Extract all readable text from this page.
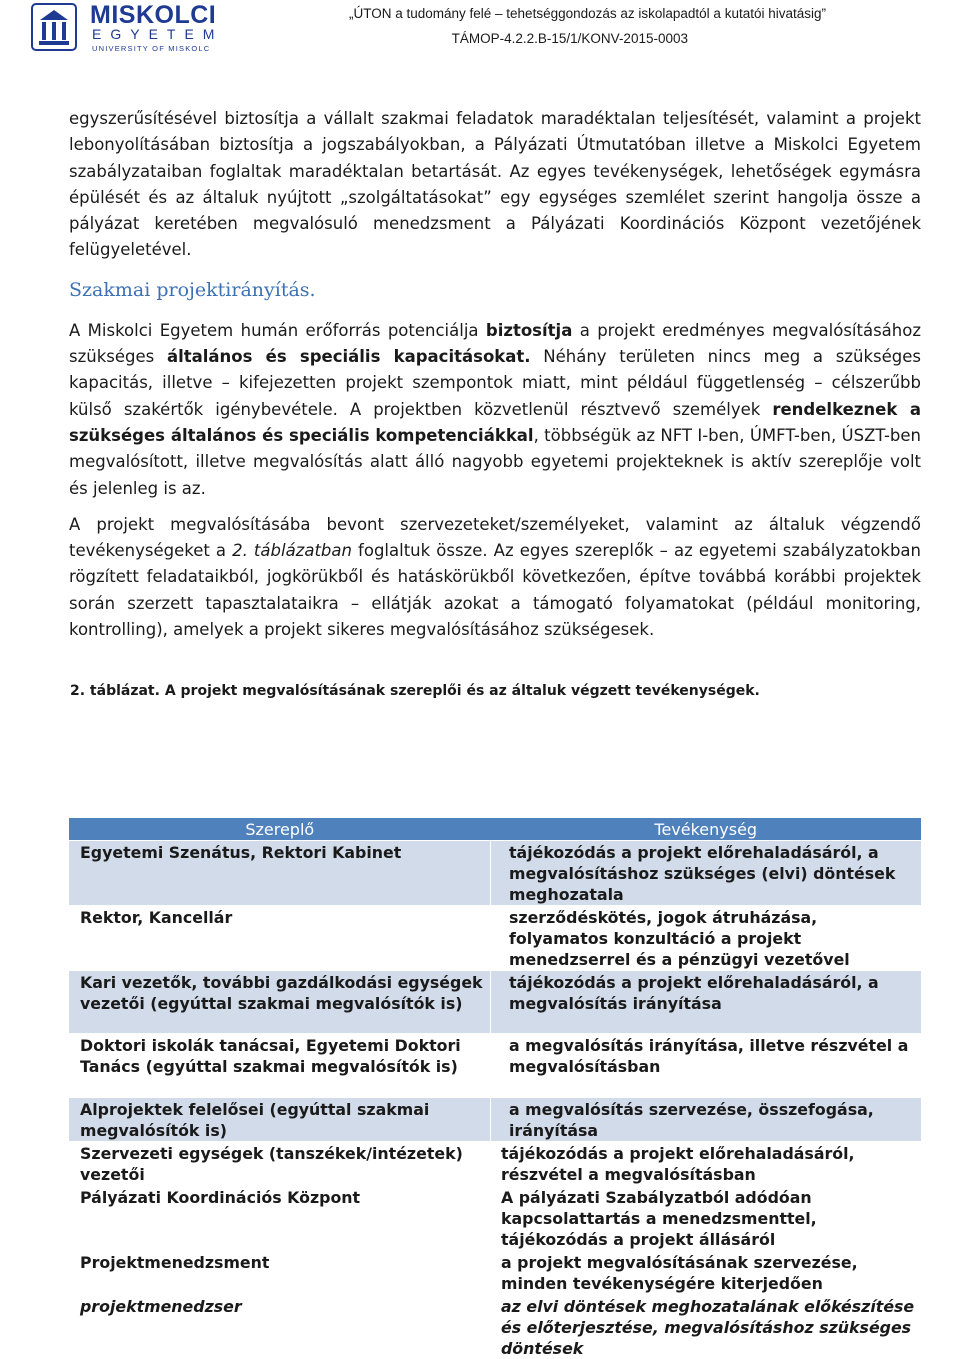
MISKOLCI
EGYETEM
UNIVERSITY OF MISKOLC
„ÚTON a tudomány felé – tehetséggondozás az iskolapadtól a kutatói hivatásig”
TÁMOP-4.2.2.B-15/1/KONV-2015-0003

egyszerűsítésével biztosítja a vállalt szakmai feladatok maradéktalan teljesítését, valamint a projekt lebonyolításában biztosítja a jogszabályokban, a Pályázati Útmutatóban illetve a Miskolci Egyetem szabályzataiban foglaltak maradéktalan betartását. Az egyes tevékenységek, lehetőségek egymásra épülését és az általuk nyújtott „szolgáltatásokat” egy egységes szemlélet szerint hangolja össze a pályázat keretében megvalósuló menedzsment a Pályázati Koordinációs Központ vezetőjének felügyeletével.

Szakmai projektirányítás.

A Miskolci Egyetem humán erőforrás potenciálja biztosítja a projekt eredményes megvalósításához szükséges általános és speciális kapacitásokat. Néhány területen nincs meg a szükséges kapacitás, illetve – kifejezetten projekt szempontok miatt, mint például függetlenség – célszerűbb külső szakértők igénybevétele. A projektben közvetlenül résztvevő személyek rendelkeznek a szükséges általános és speciális kompetenciákkal, többségük az NFT I-ben, ÚMFT-ben, ÚSZT-ben megvalósított, illetve megvalósítás alatt álló nagyobb egyetemi projekteknek is aktív szereplője volt és jelenleg is az.

A projekt megvalósításába bevont szervezeteket/személyeket, valamint az általuk végzendő tevékenységeket a 2. táblázatban foglaltuk össze. Az egyes szereplők – az egyetemi szabályzatokban rögzített feladataikból, jogkörükből és hatáskörükből következően, építve továbbá korábbi projektek során szerzett tapasztalataikra – ellátják azokat a támogató folyamatokat (például monitoring, kontrolling), amelyek a projekt sikeres megvalósításához szükségesek.

2. táblázat. A projekt megvalósításának szereplői és az általuk végzett tevékenységek.
Szereplő	Tevékenység
Egyetemi Szenátus, Rektori Kabinet	tájékozódás a projekt előrehaladásáról, a megvalósításhoz szükséges (elvi) döntések meghozatala
Rektor, Kancellár	szerződéskötés, jogok átruházása, folyamatos konzultáció a projekt menedzserrel és a pénzügyi vezetővel
Kari vezetők, további gazdálkodási egységek vezetői (egyúttal szakmai megvalósítók is)	tájékozódás a projekt előrehaladásáról, a megvalósítás irányítása
Doktori iskolák tanácsai, Egyetemi Doktori Tanács (egyúttal szakmai megvalósítók is)	a megvalósítás irányítása, illetve részvétel a megvalósításban
Alprojektek felelősei (egyúttal szakmai megvalósítók is)	a megvalósítás szervezése, összefogása, irányítása
Szervezeti egységek (tanszékek/intézetek) vezetői	tájékozódás a projekt előrehaladásáról, részvétel a megvalósításban
Pályázati Koordinációs Központ	A pályázati Szabályzatból adódóan kapcsolattartás a menedzsmenttel, tájékozódás a projekt állásáról
Projektmenedzsment	a projekt megvalósításának szervezése, minden tevékenységére kiterjedően
projektmenedzser	az elvi döntések meghozatalának előkészítése és előterjesztése, megvalósításhoz szükséges döntések
